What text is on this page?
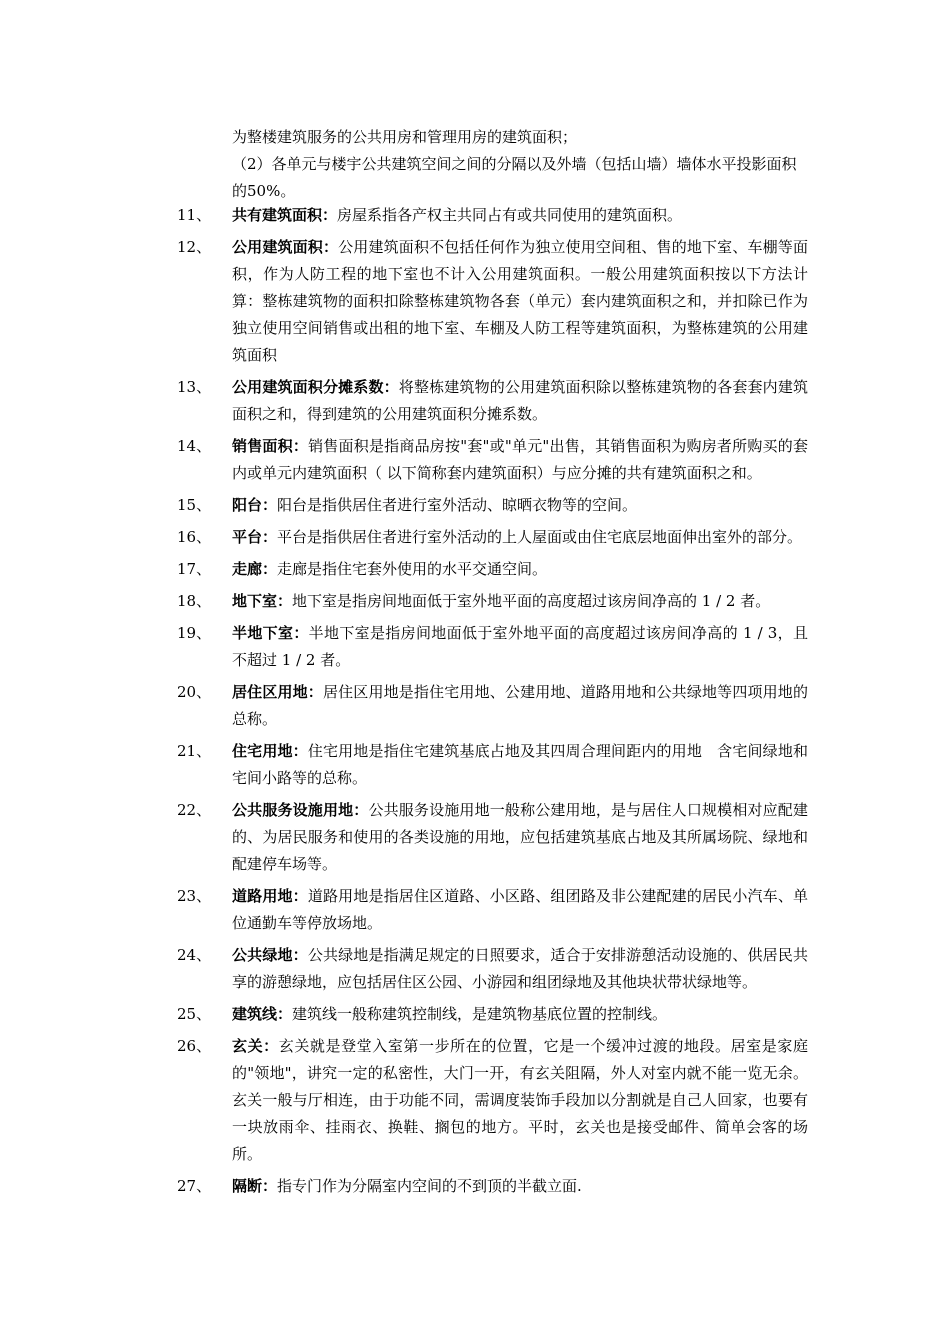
为整楼建筑服务的公共用房和管理用房的建筑面积；
（2）各单元与楼宇公共建筑空间之间的分隔以及外墙（包括山墙）墙体水平投影面积的50%。
11、	共有建筑面积：房屋系指各产权主共同占有或共同使用的建筑面积。
12、	公用建筑面积：公用建筑面积不包括任何作为独立使用空间租、售的地下室、车棚等面积，作为人防工程的地下室也不计入公用建筑面积。一般公用建筑面积按以下方法计算：整栋建筑物的面积扣除整栋建筑物各套（单元）套内建筑面积之和，并扣除已作为独立使用空间销售或出租的地下室、车棚及人防工程等建筑面积，为整栋建筑的公用建筑面积
13、	公用建筑面积分摊系数：将整栋建筑物的公用建筑面积除以整栋建筑物的各套套内建筑面积之和，得到建筑的公用建筑面积分摊系数。
14、	销售面积：销售面积是指商品房按"套"或"单元"出售，其销售面积为购房者所购买的套内或单元内建筑面积（ 以下简称套内建筑面积）与应分摊的共有建筑面积之和。
15、	阳台：阳台是指供居住者进行室外活动、晾晒衣物等的空间。
16、	平台：平台是指供居住者进行室外活动的上人屋面或由住宅底层地面伸出室外的部分。
17、	走廊：走廊是指住宅套外使用的水平交通空间。
18、	地下室：地下室是指房间地面低于室外地平面的高度超过该房间净高的 1 / 2 者。
19、	半地下室：半地下室是指房间地面低于室外地平面的高度超过该房间净高的 1 / 3，且不超过 1 / 2 者。
20、	居住区用地：居住区用地是指住宅用地、公建用地、道路用地和公共绿地等四项用地的总称。
21、	住宅用地：住宅用地是指住宅建筑基底占地及其四周合理间距内的用地　含宅间绿地和宅间小路等的总称。
22、	公共服务设施用地：公共服务设施用地一般称公建用地，是与居住人口规模相对应配建的、为居民服务和使用的各类设施的用地，应包括建筑基底占地及其所属场院、绿地和配建停车场等。
23、	道路用地：道路用地是指居住区道路、小区路、组团路及非公建配建的居民小汽车、单位通勤车等停放场地。
24、	公共绿地：公共绿地是指满足规定的日照要求，适合于安排游憩活动设施的、供居民共享的游憩绿地，应包括居住区公园、小游园和组团绿地及其他块状带状绿地等。
25、	建筑线：建筑线一般称建筑控制线，是建筑物基底位置的控制线。
26、	玄关：玄关就是登堂入室第一步所在的位置，它是一个缓冲过渡的地段。居室是家庭的"领地"，讲究一定的私密性，大门一开，有玄关阻隔，外人对室内就不能一览无余。玄关一般与厅相连，由于功能不同，需调度装饰手段加以分割就是自己人回家，也要有一块放雨伞、挂雨衣、换鞋、搁包的地方。平时，玄关也是接受邮件、简单会客的场所。
27、	隔断：指专门作为分隔室内空间的不到顶的半截立面.
